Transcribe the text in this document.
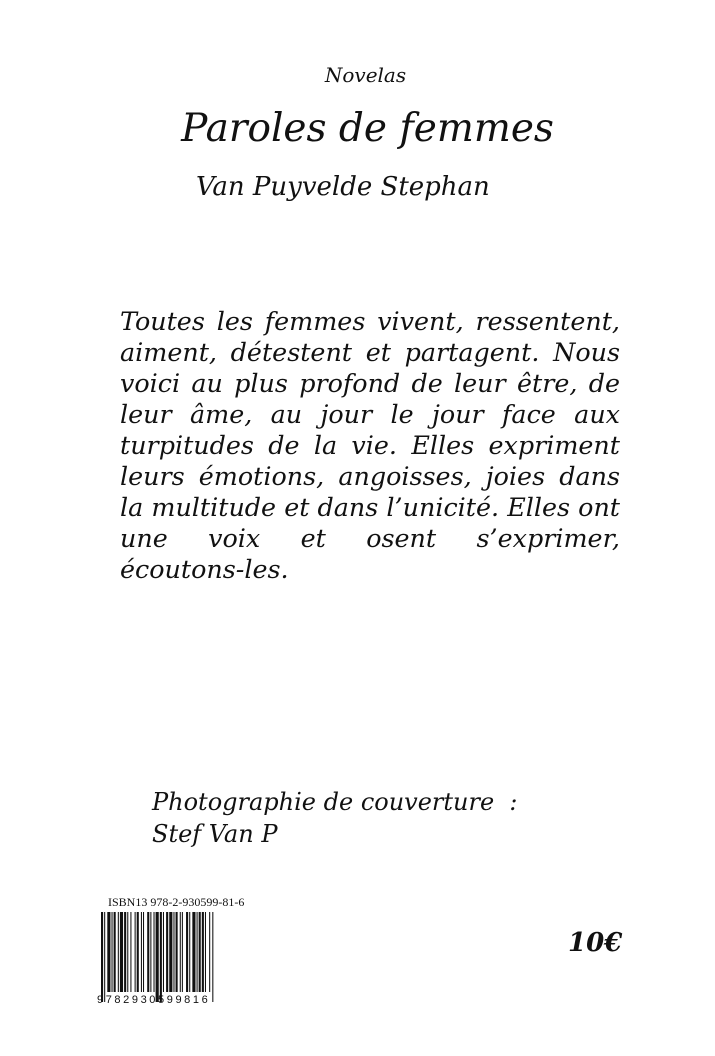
Novelas
Paroles de femmes
Van Puyvelde Stephan
Toutes les femmes vivent, ressentent, aiment, détestent et partagent. Nous voici au plus profond de leur être, de leur âme, au jour le jour face aux turpitudes de la vie. Elles expriment leurs émotions, angoisses, joies dans la multitude et dans l’unicité. Elles ont une voix et osent s’exprimer, écoutons-les.
Photographie de couverture  :
Stef Van P
ISBN13 978-2-930599-81-6
9782930599816
10€
